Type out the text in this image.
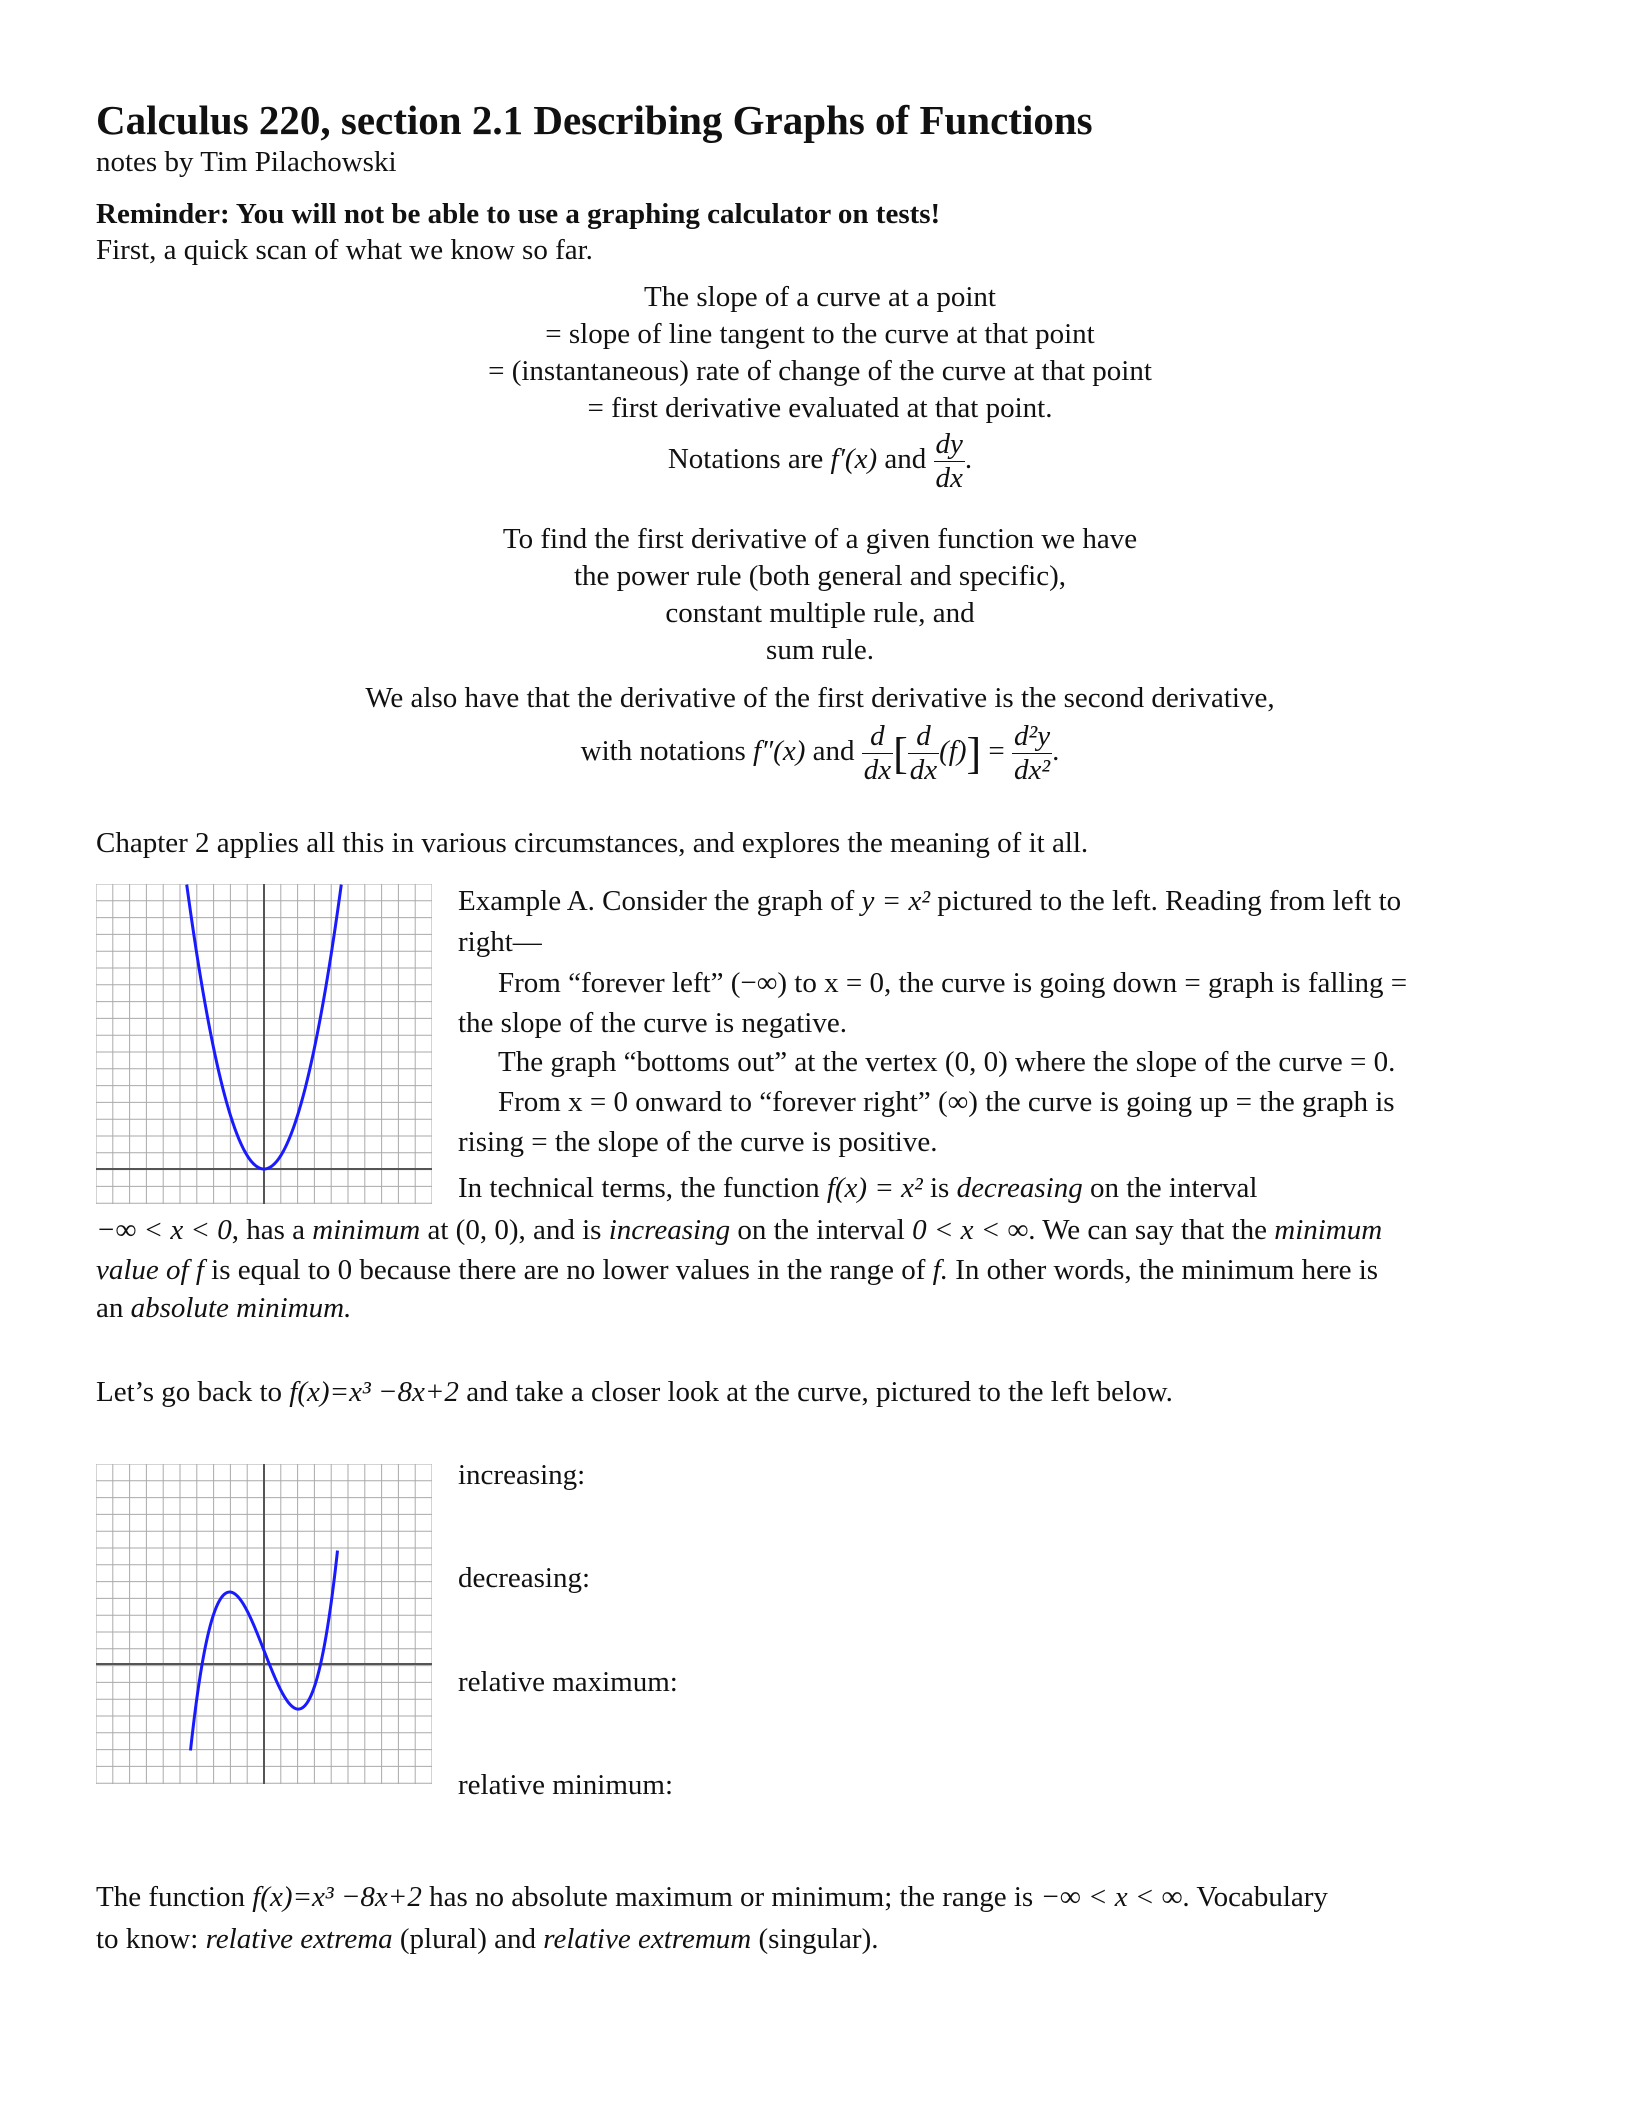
Calculus 220, section 2.1 Describing Graphs of Functions
notes by Tim Pilachowski
Reminder: You will not be able to use a graphing calculator on tests!
First, a quick scan of what we know so far.
The slope of a curve at a point
= slope of line tangent to the curve at that point
= (instantaneous) rate of change of the curve at that point
= first derivative evaluated at that point.
Notations are f′(x) and $\frac{dy}{dx}$ .
To find the first derivative of a given function we have
the power rule (both general and specific),
constant multiple rule, and
sum rule.
We also have that the derivative of the first derivative is the second derivative,
with notations f″(x) and $\frac{d}{dx}$ [ $\frac{d}{dx} (f)] = \frac{\text{d²y}}{\text{dx²}}$ .
Chapter 2 applies all this in various circumstances, and explores the meaning of it all.
Example A. Consider the graph of y = x² pictured to the left. Reading from left to
right—
From “forever left” (−∞) to x = 0, the curve is going down = graph is falling =
the slope of the curve is negative.
The graph “bottoms out” at the vertex (0, 0) where the slope of the curve = 0.
From x = 0 onward to “forever right” (∞) the curve is going up = the graph is
rising = the slope of the curve is positive.
In technical terms, the function f(x) = x² is decreasing on the interval
−∞ < x < 0, has a minimum at (0, 0), and is increasing on the interval 0 < x < ∞. We can say that the minimum
value of f is equal to 0 because there are no lower values in the range of f. In other words, the minimum here is
an absolute minimum.
Let’s go back to f(x)=x³ −8x+2 and take a closer look at the curve, pictured to the left below.
increasing:
decreasing:
relative maximum:
relative minimum:
The function f(x)=x³ −8x+2 has no absolute maximum or minimum; the range is −∞ < x < ∞. Vocabulary
to know: relative extrema (plural) and relative extremum (singular).
